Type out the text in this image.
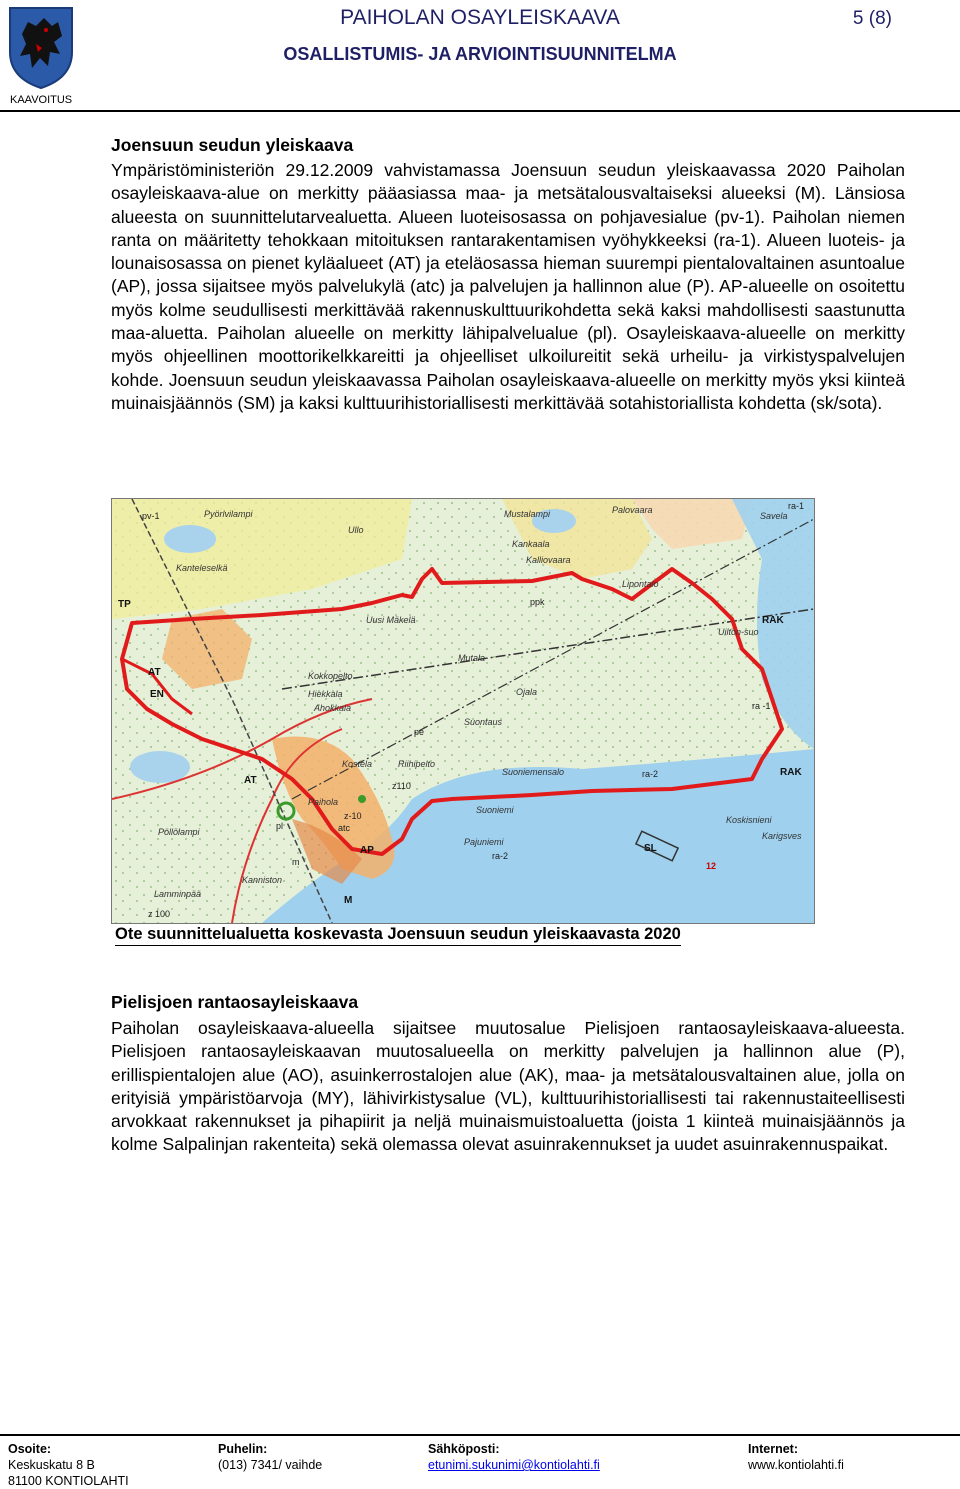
KAAVOITUS
PAIHOLAN OSAYLEISKAAVA
OSALLISTUMIS- JA ARVIOINTISUUNNITELMA
5 (8)
Joensuun seudun yleiskaava
Ympäristöministeriön 29.12.2009 vahvistamassa Joensuun seudun yleiskaavassa 2020 Paiholan osayleiskaava-alue on merkitty pääasiassa maa- ja metsätalousvaltaiseksi alueeksi (M). Länsiosa alueesta on suunnittelutarvealuetta. Alueen luoteisosassa on pohjavesialue (pv-1). Paiholan niemen ranta on määritetty tehokkaan mitoituksen rantarakentamisen vyöhykkeeksi (ra-1). Alueen luoteis- ja lounaisosassa on pienet kyläalueet (AT) ja eteläosassa hieman suurempi pientalovaltainen asuntoalue (AP), jossa sijaitsee myös palvelukylä (atc) ja palvelujen ja hallinnon alue (P). AP-alueelle on osoitettu myös kolme seudullisesti merkittävää rakennuskulttuurikohdetta sekä kaksi mahdollisesti saastunutta maa-aluetta. Paiholan alueelle on merkitty lähipalvelualue (pl). Osayleiskaava-alueelle on merkitty myös ohjeellinen moottorikelkkareitti ja ohjeelliset ulkoilureitit sekä urheilu- ja virkistyspalvelujen kohde. Joensuun seudun yleiskaavassa Paiholan osayleiskaava-alueelle on merkitty myös yksi kiinteä muinaisjäännös (SM) ja kaksi kulttuurihistoriallisesti merkittävää sotahistoriallista kohdetta (sk/sota).
Pyörlvilampi
Ullo
Mustalampi	Palovaara
Kankaala
Kalliovaara
Savela
Kanteleselkä
Lipontalo
Uusi Mäkelä
Mutala
Kokkopelto
Hiekkala
Ahokkala
Ojala
Suontaus
Uilton-suo
Kostela	Riihipelto
Suoniemensalo
Paihola
Suoniemi
Koskisnieni
Karigsves
Pajuniemi
Pöllölampi
Lamminpää
Kanniston
TP
AT
AT
AP
RAK
RAK
M
EN
SL
12
ra-1
ra-2
ra-2
ra -1
pv-1
pe
atc
z-10
z110
m
ppk
pl
z 100
Ote suunnittelualuetta koskevasta Joensuun seudun yleiskaavasta 2020
Pielisjoen rantaosayleiskaava
Paiholan osayleiskaava-alueella sijaitsee muutosalue Pielisjoen rantaosayleiskaava-alueesta. Pielisjoen rantaosayleiskaavan muutosalueella on merkitty palvelujen ja hallinnon alue (P), erillispientalojen alue (AO), asuinkerrostalojen alue (AK), maa- ja metsätalousvaltainen alue, jolla on erityisiä ympäristöarvoja (MY), lähivirkistysalue (VL), kulttuurihistoriallisesti tai rakennustaiteellisesti arvokkaat rakennukset ja pihapiirit ja neljä muinaismuistoaluetta (joista 1 kiinteä muinaisjäännös ja kolme Salpalinjan rakenteita) sekä olemassa olevat asuinrakennukset ja uudet asuinrakennuspaikat.
Osoite:
Keskuskatu 8 B
81100 KONTIOLAHTI
Puhelin:
(013) 7341/ vaihde
Sähköposti:
etunimi.sukunimi@kontiolahti.fi
Internet:
www.kontiolahti.fi
